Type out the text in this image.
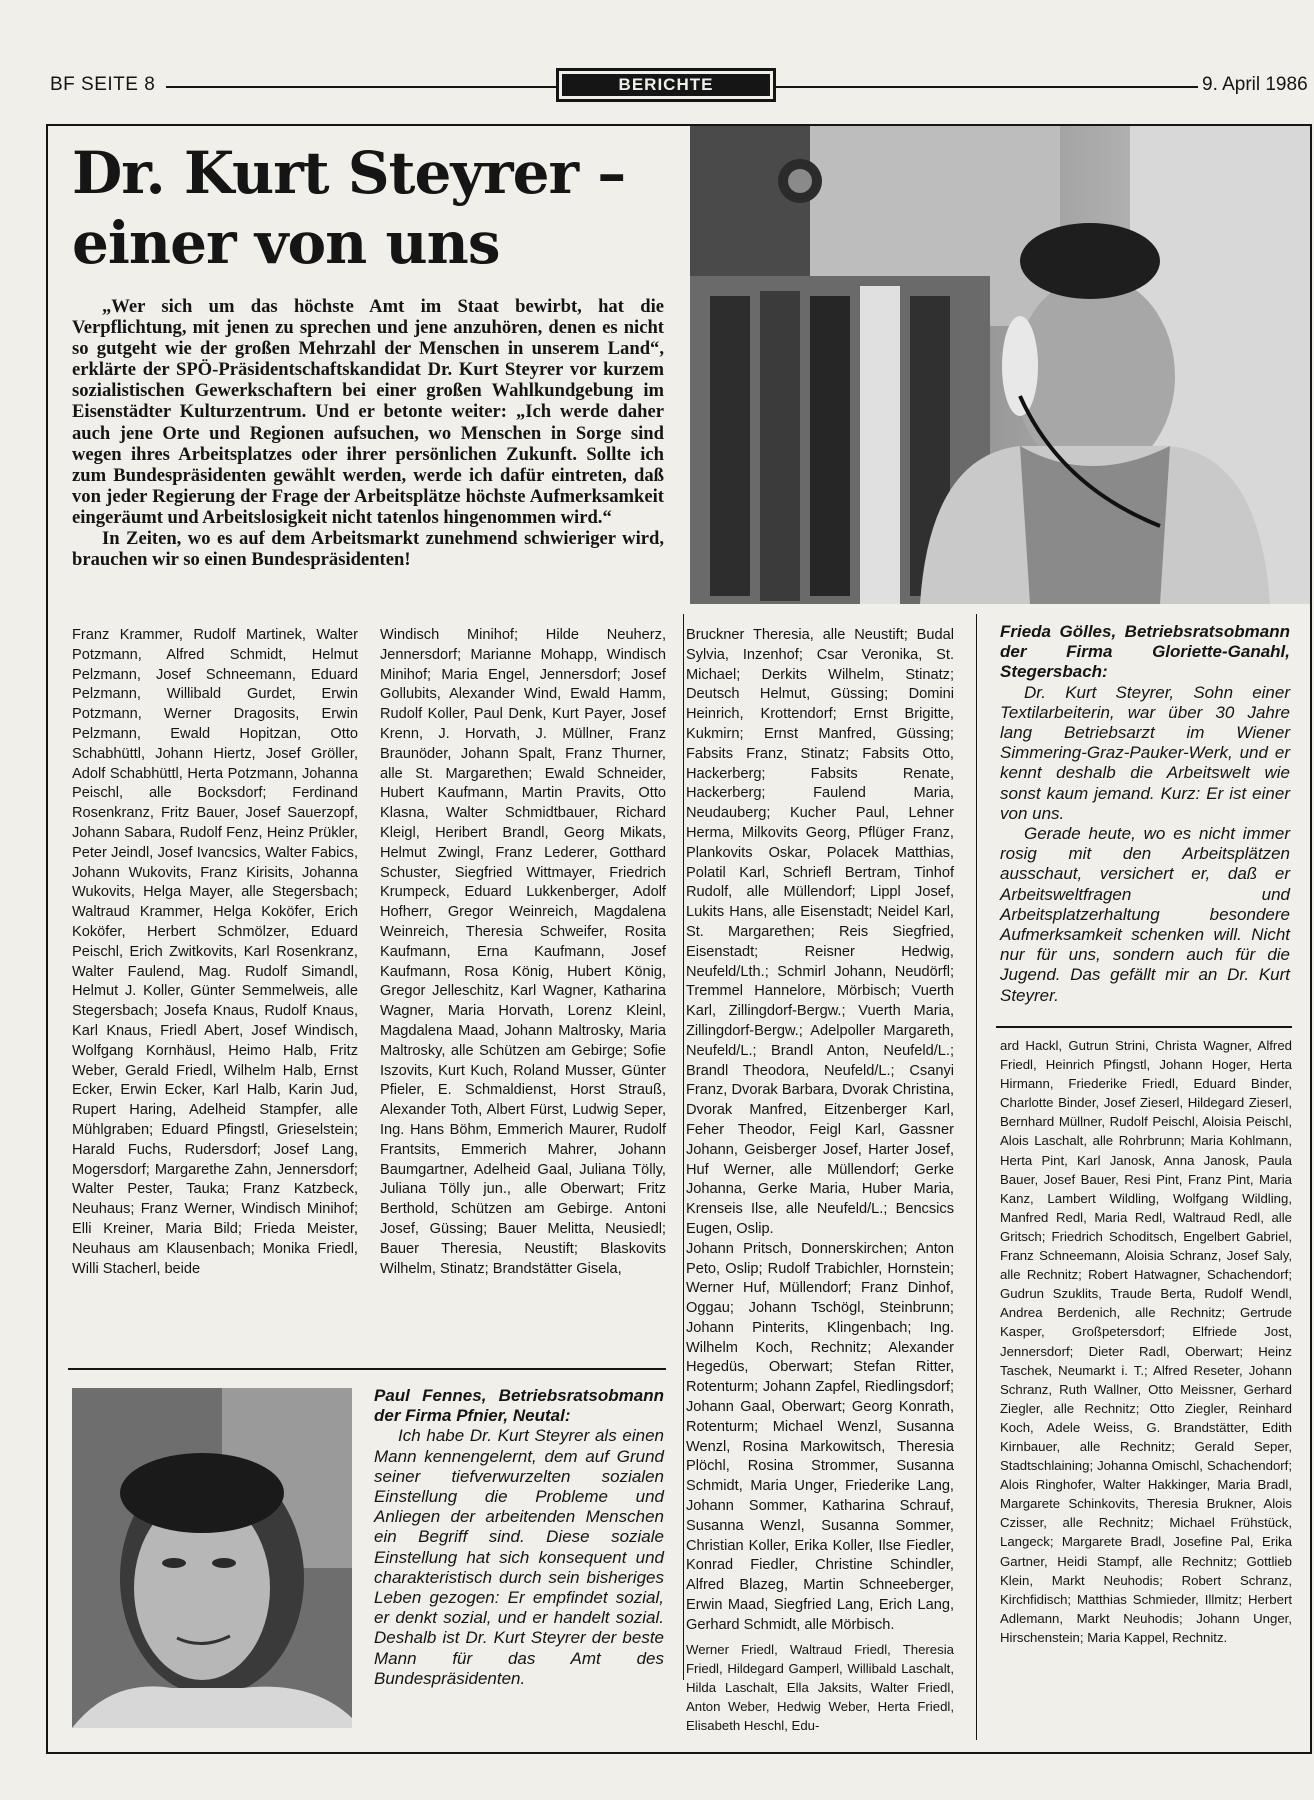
BF SEITE 8	BERICHTE	9. April 1986
Dr. Kurt Steyrer –
einer von uns

„Wer sich um das höchste Amt im Staat bewirbt, hat die Verpflichtung, mit jenen zu sprechen und jene anzuhören, denen es nicht so gutgeht wie der großen Mehrzahl der Menschen in unserem Land“, erklärte der SPÖ-Präsidentschaftskandidat Dr. Kurt Steyrer vor kurzem sozialistischen Gewerkschaftern bei einer großen Wahlkundgebung im Eisenstädter Kulturzentrum. Und er betonte weiter: „Ich werde daher auch jene Orte und Regionen aufsuchen, wo Menschen in Sorge sind wegen ihres Arbeitsplatzes oder ihrer persönlichen Zukunft. Sollte ich zum Bundespräsidenten gewählt werden, werde ich dafür eintreten, daß von jeder Regierung der Frage der Arbeitsplätze höchste Aufmerksamkeit eingeräumt und Arbeitslosigkeit nicht tatenlos hingenommen wird.“

In Zeiten, wo es auf dem Arbeitsmarkt zunehmend schwieriger wird, brauchen wir so einen Bundespräsidenten!

Franz Krammer, Rudolf Martinek, Walter Potzmann, Alfred Schmidt, Helmut Pelzmann, Josef Schneemann, Eduard Pelzmann, Willibald Gurdet, Erwin Potzmann, Werner Dragosits, Erwin Pelzmann, Ewald Hopitzan, Otto Schabhüttl, Johann Hiertz, Josef Gröller, Adolf Schabhüttl, Herta Potzmann, Johanna Peischl, alle Bocksdorf; Ferdinand Rosenkranz, Fritz Bauer, Josef Sauerzopf, Johann Sabara, Rudolf Fenz, Heinz Prükler, Peter Jeindl, Josef Ivancsics, Walter Fabics, Johann Wukovits, Franz Kirisits, Johanna Wukovits, Helga Mayer, alle Stegersbach; Waltraud Krammer, Helga Koköfer, Erich Koköfer, Herbert Schmölzer, Eduard Peischl, Erich Zwitkovits, Karl Rosenkranz, Walter Faulend, Mag. Rudolf Simandl, Helmut J. Koller, Günter Semmelweis, alle Stegersbach; Josefa Knaus, Rudolf Knaus, Karl Knaus, Friedl Abert, Josef Windisch, Wolfgang Kornhäusl, Heimo Halb, Fritz Weber, Gerald Friedl, Wilhelm Halb, Ernst Ecker, Erwin Ecker, Karl Halb, Karin Jud, Rupert Haring, Adelheid Stampfer, alle Mühlgraben; Eduard Pfingstl, Grieselstein; Harald Fuchs, Rudersdorf; Josef Lang, Mogersdorf; Margarethe Zahn, Jennersdorf; Walter Pester, Tauka; Franz Katzbeck, Neuhaus; Franz Werner, Windisch Minihof; Elli Kreiner, Maria Bild; Frieda Meister, Neuhaus am Klausenbach; Monika Friedl, Willi Stacherl, beide
Windisch Minihof; Hilde Neuherz, Jennersdorf; Marianne Mohapp, Windisch Minihof; Maria Engel, Jennersdorf; Josef Gollubits, Alexander Wind, Ewald Hamm, Rudolf Koller, Paul Denk, Kurt Payer, Josef Krenn, J. Horvath, J. Müllner, Franz Braunöder, Johann Spalt, Franz Thurner, alle St. Margarethen; Ewald Schneider, Hubert Kaufmann, Martin Pravits, Otto Klasna, Walter Schmidtbauer, Richard Kleigl, Heribert Brandl, Georg Mikats, Helmut Zwingl, Franz Lederer, Gotthard Schuster, Siegfried Wittmayer, Friedrich Krumpeck, Eduard Lukkenberger, Adolf Hofherr, Gregor Weinreich, Magdalena Weinreich, Theresia Schweifer, Rosita Kaufmann, Erna Kaufmann, Josef Kaufmann, Rosa König, Hubert König, Gregor Jelleschitz, Karl Wagner, Katharina Wagner, Maria Horvath, Lorenz Kleinl, Magdalena Maad, Johann Maltrosky, Maria Maltrosky, alle Schützen am Gebirge; Sofie Iszovits, Kurt Kuch, Roland Musser, Günter Pfieler, E. Schmaldienst, Horst Strauß, Alexander Toth, Albert Fürst, Ludwig Seper, Ing. Hans Böhm, Emmerich Maurer, Rudolf Frantsits, Emmerich Mahrer, Johann Baumgartner, Adelheid Gaal, Juliana Tölly, Juliana Tölly jun., alle Oberwart; Fritz Berthold, Schützen am Gebirge. Antoni Josef, Güssing; Bauer Melitta, Neusiedl; Bauer Theresia, Neustift; Blaskovits Wilhelm, Stinatz; Brandstätter Gisela,

Paul Fennes, Betriebsratsobmann der Firma Pfnier, Neutal:

Ich habe Dr. Kurt Steyrer als einen Mann kennengelernt, dem auf Grund seiner tiefverwurzelten sozialen Einstellung die Probleme und Anliegen der arbeitenden Menschen ein Begriff sind. Diese soziale Einstellung hat sich konsequent und charakteristisch durch sein bisheriges Leben gezogen: Er empfindet sozial, er denkt sozial, und er handelt sozial. Deshalb ist Dr. Kurt Steyrer der beste Mann für das Amt des Bundespräsidenten.

Bruckner Theresia, alle Neustift; Budal Sylvia, Inzenhof; Csar Veronika, St. Michael; Derkits Wilhelm, Stinatz; Deutsch Helmut, Güssing; Domini Heinrich, Krottendorf; Ernst Brigitte, Kukmirn; Ernst Manfred, Güssing; Fabsits Franz, Stinatz; Fabsits Otto, Hackerberg; Fabsits Renate, Hackerberg; Faulend Maria, Neudauberg; Kucher Paul, Lehner Herma, Milkovits Georg, Pflüger Franz, Plankovits Oskar, Polacek Matthias, Polatil Karl, Schriefl Bertram, Tinhof Rudolf, alle Müllendorf; Lippl Josef, Lukits Hans, alle Eisenstadt; Neidel Karl, St. Margarethen; Reis Siegfried, Eisenstadt; Reisner Hedwig, Neufeld/Lth.; Schmirl Johann, Neudörfl; Tremmel Hannelore, Mörbisch; Vuerth Karl, Zillingdorf-Bergw.; Vuerth Maria, Zillingdorf-Bergw.; Adelpoller Margareth, Neufeld/L.; Brandl Anton, Neufeld/L.; Brandl Theodora, Neufeld/L.; Csanyi Franz, Dvorak Barbara, Dvorak Christina, Dvorak Manfred, Eitzenberger Karl, Feher Theodor, Feigl Karl, Gassner Johann, Geisberger Josef, Harter Josef, Huf Werner, alle Müllendorf; Gerke Johanna, Gerke Maria, Huber Maria, Krenseis Ilse, alle Neufeld/L.; Bencsics Eugen, Oslip.
Johann Pritsch, Donnerskirchen; Anton Peto, Oslip; Rudolf Trabichler, Hornstein; Werner Huf, Müllendorf; Franz Dinhof, Oggau; Johann Tschögl, Steinbrunn; Johann Pinterits, Klingenbach; Ing. Wilhelm Koch, Rechnitz; Alexander Hegedüs, Oberwart; Stefan Ritter, Rotenturm; Johann Zapfel, Riedlingsdorf; Johann Gaal, Oberwart; Georg Konrath, Rotenturm; Michael Wenzl, Susanna Wenzl, Rosina Markowitsch, Theresia Plöchl, Rosina Strommer, Susanna Schmidt, Maria Unger, Friederike Lang, Johann Sommer, Katharina Schrauf, Susanna Wenzl, Susanna Sommer, Christian Koller, Erika Koller, Ilse Fiedler, Konrad Fiedler, Christine Schindler, Alfred Blazeg, Martin Schneeberger, Erwin Maad, Siegfried Lang, Erich Lang, Gerhard Schmidt, alle Mörbisch.
Werner Friedl, Waltraud Friedl, Theresia Friedl, Hildegard Gamperl, Willibald Laschalt, Hilda Laschalt, Ella Jaksits, Walter Friedl, Anton Weber, Hedwig Weber, Herta Friedl, Elisabeth Heschl, Edu-

Frieda Gölles, Betriebsratsobmann der Firma Gloriette-Ganahl, Stegersbach:

Dr. Kurt Steyrer, Sohn einer Textilarbeiterin, war über 30 Jahre lang Betriebsarzt im Wiener Simmering-Graz-Pauker-Werk, und er kennt deshalb die Arbeitswelt wie sonst kaum jemand. Kurz: Er ist einer von uns.

Gerade heute, wo es nicht immer rosig mit den Arbeitsplätzen ausschaut, versichert er, daß er Arbeitsweltfragen und Arbeitsplatzerhaltung besondere Aufmerksamkeit schenken will. Nicht nur für uns, sondern auch für die Jugend. Das gefällt mir an Dr. Kurt Steyrer.

ard Hackl, Gutrun Strini, Christa Wagner, Alfred Friedl, Heinrich Pfingstl, Johann Hoger, Herta Hirmann, Friederike Friedl, Eduard Binder, Charlotte Binder, Josef Zieserl, Hildegard Zieserl, Bernhard Müllner, Rudolf Peischl, Aloisia Peischl, Alois Laschalt, alle Rohrbrunn; Maria Kohlmann, Herta Pint, Karl Janosk, Anna Janosk, Paula Bauer, Josef Bauer, Resi Pint, Franz Pint, Maria Kanz, Lambert Wildling, Wolfgang Wildling, Manfred Redl, Maria Redl, Waltraud Redl, alle Gritsch; Friedrich Schoditsch, Engelbert Gabriel, Franz Schneemann, Aloisia Schranz, Josef Saly, alle Rechnitz; Robert Hatwagner, Schachendorf; Gudrun Szuklits, Traude Berta, Rudolf Wendl, Andrea Berdenich, alle Rechnitz; Gertrude Kasper, Großpetersdorf; Elfriede Jost, Jennersdorf; Dieter Radl, Oberwart; Heinz Taschek, Neumarkt i. T.; Alfred Reseter, Johann Schranz, Ruth Wallner, Otto Meissner, Gerhard Ziegler, alle Rechnitz; Otto Ziegler, Reinhard Koch, Adele Weiss, G. Brandstätter, Edith Kirnbauer, alle Rechnitz; Gerald Seper, Stadtschlaining; Johanna Omischl, Schachendorf; Alois Ringhofer, Walter Hakkinger, Maria Bradl, Margarete Schinkovits, Theresia Brukner, Alois Czisser, alle Rechnitz; Michael Frühstück, Langeck; Margarete Bradl, Josefine Pal, Erika Gartner, Heidi Stampf, alle Rechnitz; Gottlieb Klein, Markt Neuhodis; Robert Schranz, Kirchfidisch; Matthias Schmieder, Illmitz; Herbert Adlemann, Markt Neuhodis; Johann Unger, Hirschenstein; Maria Kappel, Rechnitz.
